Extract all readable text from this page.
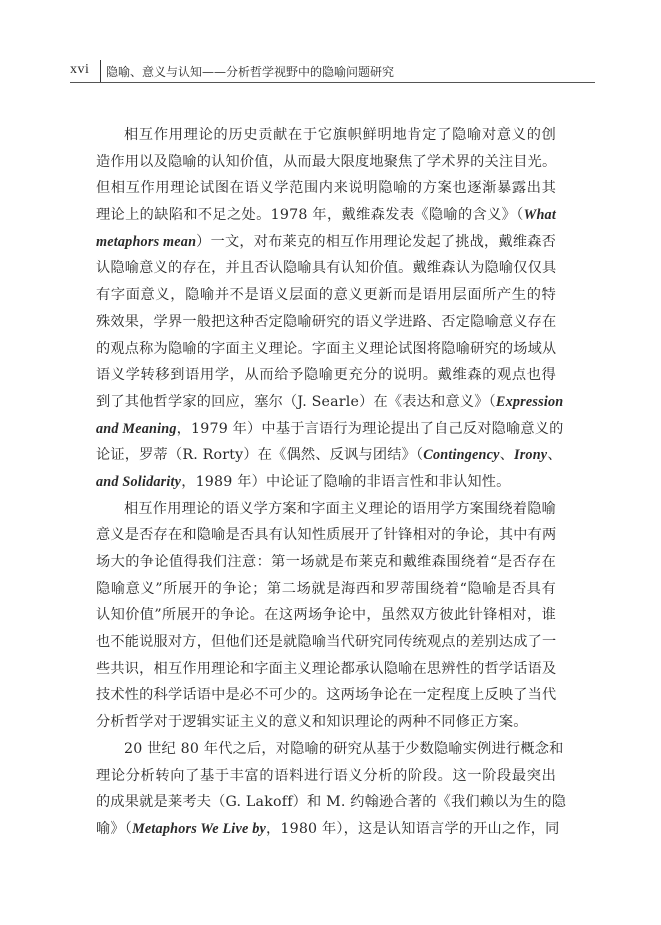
xvi 隐喻、意义与认知——分析哲学视野中的隐喻问题研究
相互作用理论的历史贡献在于它旗帜鲜明地肯定了隐喻对意义的创
造作用以及隐喻的认知价值，从而最大限度地聚焦了学术界的关注目光。
但相互作用理论试图在语义学范围内来说明隐喻的方案也逐渐暴露出其
理论上的缺陷和不足之处。1978 年，戴维森发表《隐喻的含义》（What
metaphors mean）一文，对布莱克的相互作用理论发起了挑战，戴维森否
认隐喻意义的存在，并且否认隐喻具有认知价值。戴维森认为隐喻仅仅具
有字面意义，隐喻并不是语义层面的意义更新而是语用层面所产生的特
殊效果，学界一般把这种否定隐喻研究的语义学进路、否定隐喻意义存在
的观点称为隐喻的字面主义理论。字面主义理论试图将隐喻研究的场域从
语义学转移到语用学，从而给予隐喻更充分的说明。戴维森的观点也得
到了其他哲学家的回应，塞尔（J. Searle）在《表达和意义》（Expression
and Meaning，1979 年）中基于言语行为理论提出了自己反对隐喻意义的
论证，罗蒂（R. Rorty）在《偶然、反讽与团结》（Contingency、Irony、
and Solidarity，1989 年）中论证了隐喻的非语言性和非认知性。
相互作用理论的语义学方案和字面主义理论的语用学方案围绕着隐喻
意义是否存在和隐喻是否具有认知性质展开了针锋相对的争论，其中有两
场大的争论值得我们注意：第一场就是布莱克和戴维森围绕着“是否存在
隐喻意义”所展开的争论；第二场就是海西和罗蒂围绕着“隐喻是否具有
认知价值”所展开的争论。在这两场争论中，虽然双方彼此针锋相对，谁
也不能说服对方，但他们还是就隐喻当代研究同传统观点的差别达成了一
些共识，相互作用理论和字面主义理论都承认隐喻在思辨性的哲学话语及
技术性的科学话语中是必不可少的。这两场争论在一定程度上反映了当代
分析哲学对于逻辑实证主义的意义和知识理论的两种不同修正方案。
20 世纪 80 年代之后，对隐喻的研究从基于少数隐喻实例进行概念和
理论分析转向了基于丰富的语料进行语义分析的阶段。这一阶段最突出
的成果就是莱考夫（G. Lakoff）和 M. 约翰逊合著的《我们赖以为生的隐
喻》（Metaphors We Live by，1980 年），这是认知语言学的开山之作，同
